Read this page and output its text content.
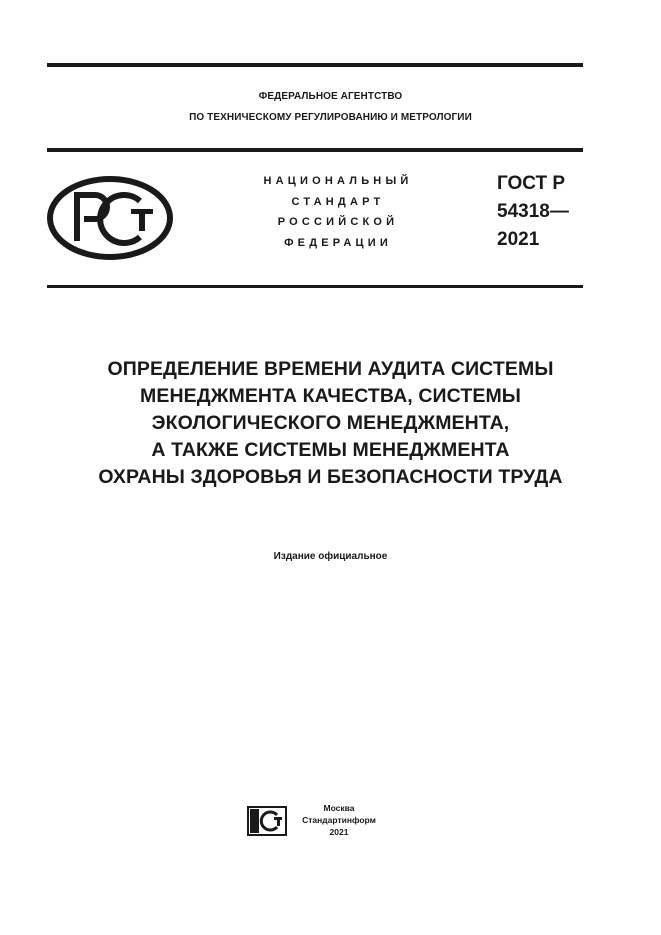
ФЕДЕРАЛЬНОЕ АГЕНТСТВО
ПО ТЕХНИЧЕСКОМУ РЕГУЛИРОВАНИЮ И МЕТРОЛОГИИ
НАЦИОНАЛЬНЫЙ
СТАНДАРТ
РОССИЙСКОЙ
ФЕДЕРАЦИИ
ГОСТ Р
54318—
2021
ОПРЕДЕЛЕНИЕ ВРЕМЕНИ АУДИТА СИСТЕМЫ
МЕНЕДЖМЕНТА КАЧЕСТВА, СИСТЕМЫ
ЭКОЛОГИЧЕСКОГО МЕНЕДЖМЕНТА,
А ТАКЖЕ СИСТЕМЫ МЕНЕДЖМЕНТА
ОХРАНЫ ЗДОРОВЬЯ И БЕЗОПАСНОСТИ ТРУДА
Издание официальное
Москва
Стандартинформ
2021
